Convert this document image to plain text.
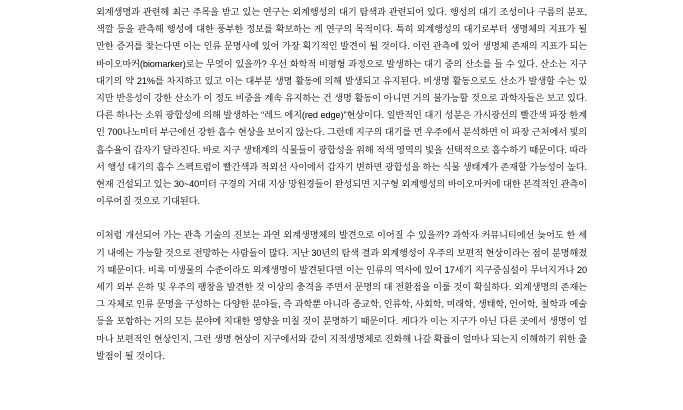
외계생명과 관련해 최근 주목을 받고 있는 연구는 외계행성의 대기 탐색과 관련되어 있다. 행성의 대기 조성이나 구름의 분포, 색깔 등을 관측해 행성에 대한 풍부한 정보를 확보하는 게 연구의 목적이다. 특히 외계행성의 대기로부터 생명체의 지표가 될 만한 증거를 찾는다면 이는 인류 문명사에 있어 가장 획기적인 발견이 될 것이다. 이런 관측에 있어 생명체 존재의 지표가 되는 바이오마커(biomarker)로는 무엇이 있을까? 우선 화학적 비평형 과정으로 발생하는 대기 중의 산소를 들 수 있다. 산소는 지구 대기의 약 21%를 차지하고 있고 이는 대부분 생명 활동에 의해 발생되고 유지된다. 비생명 활동으로도 산소가 발생할 수는 있지만 반응성이 강한 산소가 이 정도 비중을 계속 유지하는 건 생명 활동이 아니면 거의 불가능할 것으로 과학자들은 보고 있다. 다른 하나는 소위 광합성에 의해 발생하는 “레드 에지(red edge)”현상이다. 일반적인 대기 성분은 가시광선의 빨간색 파장 한계인 700나노미터 부근에선 강한 흡수 현상을 보이지 않는다. 그런데 지구의 대기를 먼 우주에서 분석하면 이 파장 근처에서 빛의 흡수율이 갑자기 달라진다. 바로 지구 생태계의 식물들이 광합성을 위해 적색 영역의 빛을 선택적으로 흡수하기 때문이다. 따라서 행성 대기의 흡수 스펙트럼이 빨간색과 적외선 사이에서 갑자기 변하면 광합성을 하는 식물 생태계가 존재할 가능성이 높다. 현재 건설되고 있는 30~40미터 구경의 거대 지상 망원경들이 완성되면 지구형 외계행성의 바이오마커에 대한 본격적인 관측이 이루어질 것으로 기대된다.

이처럼 개선되어 가는 관측 기술의 진보는 과연 외계생명체의 발견으로 이어질 수 있을까? 과학자 커뮤니티에선 늦어도 한 세기 내에는 가능할 것으로 전망하는 사람들이 많다. 지난 30년의 탐색 결과 외계행성이 우주의 보편적 현상이라는 점이 분명해졌기 때문이다. 비록 미생물의 수준이라도 외계생명이 발견된다면 이는 인류의 역사에 있어 17세기 지구중심설이 무너지거나 20세기 외부 은하 및 우주의 팽창을 발견한 것 이상의 충격을 주면서 문명의 대 전환점을 이룰 것이 확실하다. 외계생명의 존재는 그 자체로 인류 문명을 구성하는 다양한 분야들, 즉 과학뿐 아니라 종교학, 인류학, 사회학, 미래학, 생태학, 언어학, 철학과 예술 등을 포함하는 거의 모든 분야에 지대한 영향을 미칠 것이 분명하기 때문이다. 게다가 이는 지구가 아닌 다른 곳에서 생명이 얼마나 보편적인 현상인지, 그런 생명 현상이 지구에서와 같이 지적생명체로 진화해 나갈 확률이 얼마나 되는지 이해하기 위한 출발점이 될 것이다.
